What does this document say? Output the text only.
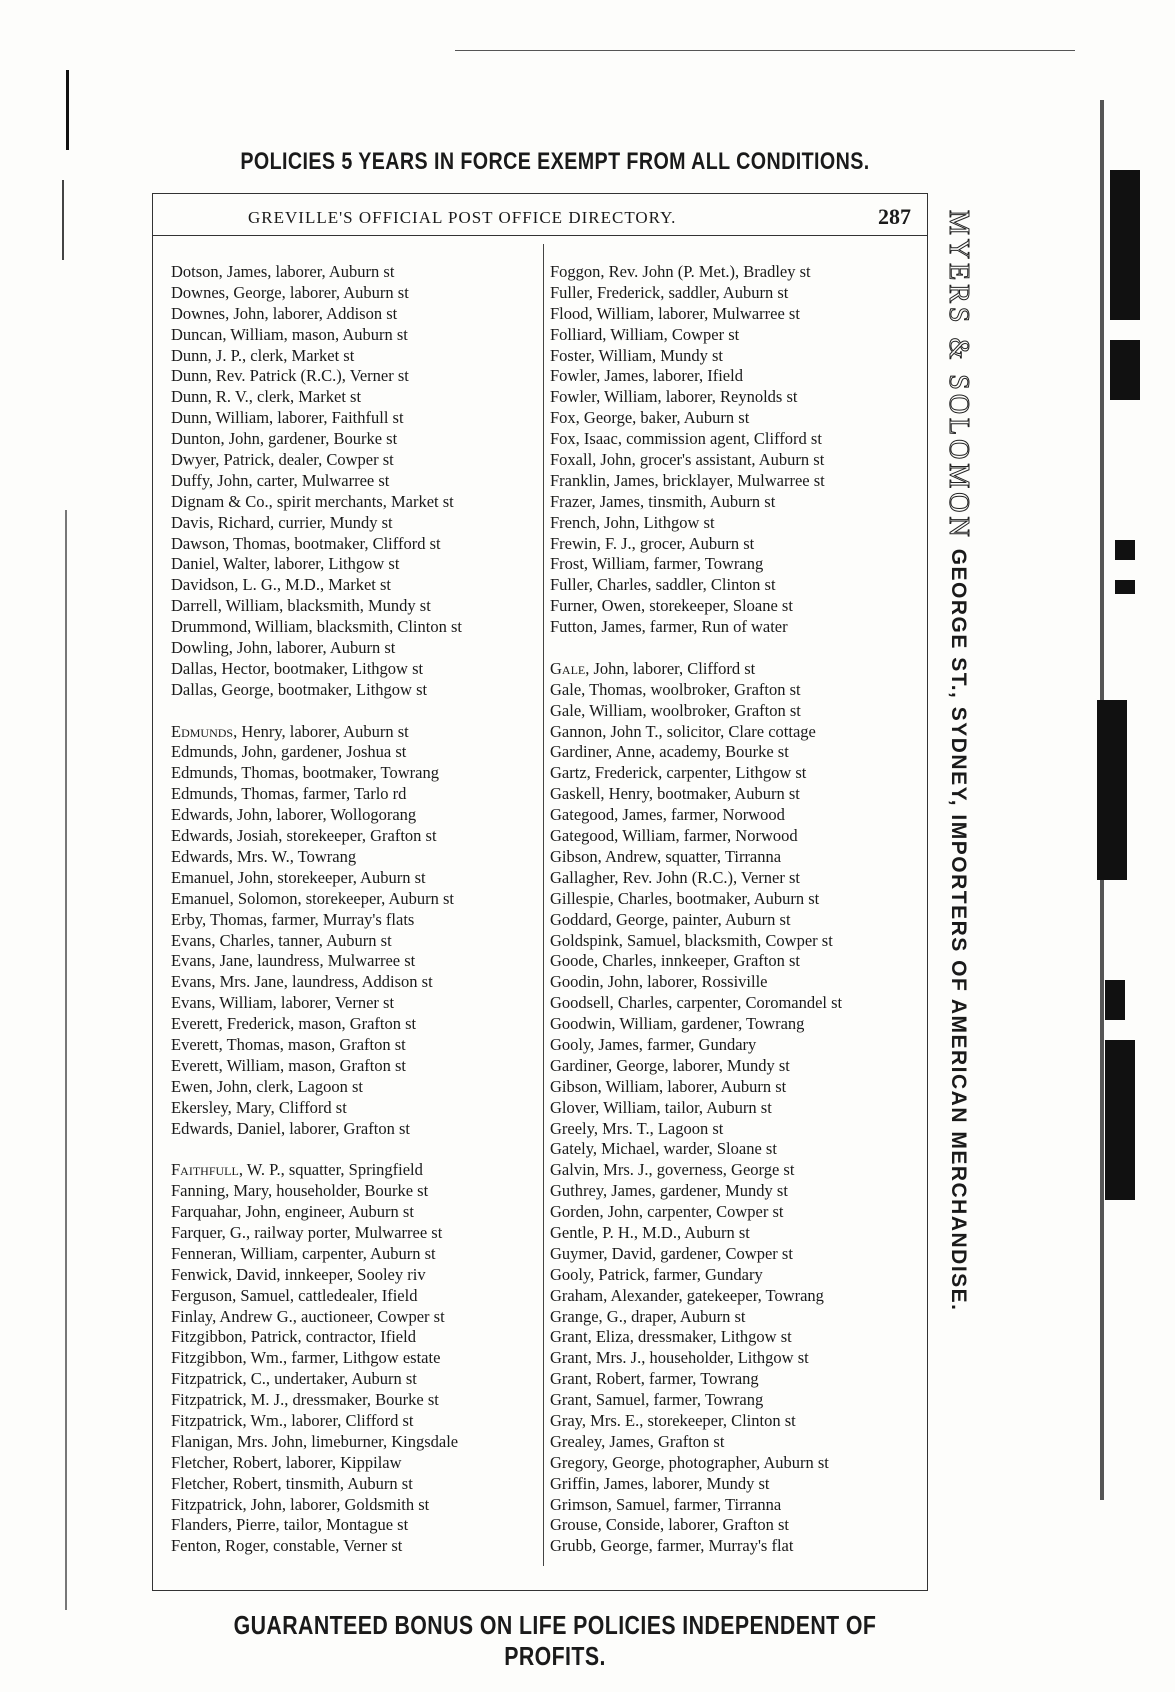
POLICIES 5 YEARS IN FORCE EXEMPT FROM ALL CONDITIONS.
GREVILLE'S OFFICIAL POST OFFICE DIRECTORY.	287
Dotson, James, laborer, Auburn st
Downes, George, laborer, Auburn st
Downes, John, laborer, Addison st
Duncan, William, mason, Auburn st
Dunn, J. P., clerk, Market st
Dunn, Rev. Patrick (R.C.), Verner st
Dunn, R. V., clerk, Market st
Dunn, William, laborer, Faithfull st
Dunton, John, gardener, Bourke st
Dwyer, Patrick, dealer, Cowper st
Duffy, John, carter, Mulwarree st
Dignam & Co., spirit merchants, Market st
Davis, Richard, currier, Mundy st
Dawson, Thomas, bootmaker, Clifford st
Daniel, Walter, laborer, Lithgow st
Davidson, L. G., M.D., Market st
Darrell, William, blacksmith, Mundy st
Drummond, William, blacksmith, Clinton st
Dowling, John, laborer, Auburn st
Dallas, Hector, bootmaker, Lithgow st
Dallas, George, bootmaker, Lithgow st
Edmunds, Henry, laborer, Auburn st
Edmunds, John, gardener, Joshua st
Edmunds, Thomas, bootmaker, Towrang
Edmunds, Thomas, farmer, Tarlo rd
Edwards, John, laborer, Wollogorang
Edwards, Josiah, storekeeper, Grafton st
Edwards, Mrs. W., Towrang
Emanuel, John, storekeeper, Auburn st
Emanuel, Solomon, storekeeper, Auburn st
Erby, Thomas, farmer, Murray's flats
Evans, Charles, tanner, Auburn st
Evans, Jane, laundress, Mulwarree st
Evans, Mrs. Jane, laundress, Addison st
Evans, William, laborer, Verner st
Everett, Frederick, mason, Grafton st
Everett, Thomas, mason, Grafton st
Everett, William, mason, Grafton st
Ewen, John, clerk, Lagoon st
Ekersley, Mary, Clifford st
Edwards, Daniel, laborer, Grafton st
Faithfull, W. P., squatter, Springfield
Fanning, Mary, householder, Bourke st
Farquahar, John, engineer, Auburn st
Farquer, G., railway porter, Mulwarree st
Fenneran, William, carpenter, Auburn st
Fenwick, David, innkeeper, Sooley riv
Ferguson, Samuel, cattledealer, Ifield
Finlay, Andrew G., auctioneer, Cowper st
Fitzgibbon, Patrick, contractor, Ifield
Fitzgibbon, Wm., farmer, Lithgow estate
Fitzpatrick, C., undertaker, Auburn st
Fitzpatrick, M. J., dressmaker, Bourke st
Fitzpatrick, Wm., laborer, Clifford st
Flanigan, Mrs. John, limeburner, Kingsdale
Fletcher, Robert, laborer, Kippilaw
Fletcher, Robert, tinsmith, Auburn st
Fitzpatrick, John, laborer, Goldsmith st
Flanders, Pierre, tailor, Montague st
Fenton, Roger, constable, Verner st
Foggon, Rev. John (P. Met.), Bradley st
Fuller, Frederick, saddler, Auburn st
Flood, William, laborer, Mulwarree st
Folliard, William, Cowper st
Foster, William, Mundy st
Fowler, James, laborer, Ifield
Fowler, William, laborer, Reynolds st
Fox, George, baker, Auburn st
Fox, Isaac, commission agent, Clifford st
Foxall, John, grocer's assistant, Auburn st
Franklin, James, bricklayer, Mulwarree st
Frazer, James, tinsmith, Auburn st
French, John, Lithgow st
Frewin, F. J., grocer, Auburn st
Frost, William, farmer, Towrang
Fuller, Charles, saddler, Clinton st
Furner, Owen, storekeeper, Sloane st
Futton, James, farmer, Run of water
Gale, John, laborer, Clifford st
Gale, Thomas, woolbroker, Grafton st
Gale, William, woolbroker, Grafton st
Gannon, John T., solicitor, Clare cottage
Gardiner, Anne, academy, Bourke st
Gartz, Frederick, carpenter, Lithgow st
Gaskell, Henry, bootmaker, Auburn st
Gategood, James, farmer, Norwood
Gategood, William, farmer, Norwood
Gibson, Andrew, squatter, Tirranna
Gallagher, Rev. John (R.C.), Verner st
Gillespie, Charles, bootmaker, Auburn st
Goddard, George, painter, Auburn st
Goldspink, Samuel, blacksmith, Cowper st
Goode, Charles, innkeeper, Grafton st
Goodin, John, laborer, Rossiville
Goodsell, Charles, carpenter, Coromandel st
Goodwin, William, gardener, Towrang
Gooly, James, farmer, Gundary
Gardiner, George, laborer, Mundy st
Gibson, William, laborer, Auburn st
Glover, William, tailor, Auburn st
Greely, Mrs. T., Lagoon st
Gately, Michael, warder, Sloane st
Galvin, Mrs. J., governess, George st
Guthrey, James, gardener, Mundy st
Gorden, John, carpenter, Cowper st
Gentle, P. H., M.D., Auburn st
Guymer, David, gardener, Cowper st
Gooly, Patrick, farmer, Gundary
Graham, Alexander, gatekeeper, Towrang
Grange, G., draper, Auburn st
Grant, Eliza, dressmaker, Lithgow st
Grant, Mrs. J., householder, Lithgow st
Grant, Robert, farmer, Towrang
Grant, Samuel, farmer, Towrang
Gray, Mrs. E., storekeeper, Clinton st
Grealey, James, Grafton st
Gregory, George, photographer, Auburn st
Griffin, James, laborer, Mundy st
Grimson, Samuel, farmer, Tirranna
Grouse, Conside, laborer, Grafton st
Grubb, George, farmer, Murray's flat
MYERS & SOLOMON
GEORGE ST., SYDNEY, IMPORTERS OF AMERICAN MERCHANDISE.
GUARANTEED BONUS ON LIFE POLICIES INDEPENDENT OF PROFITS.
